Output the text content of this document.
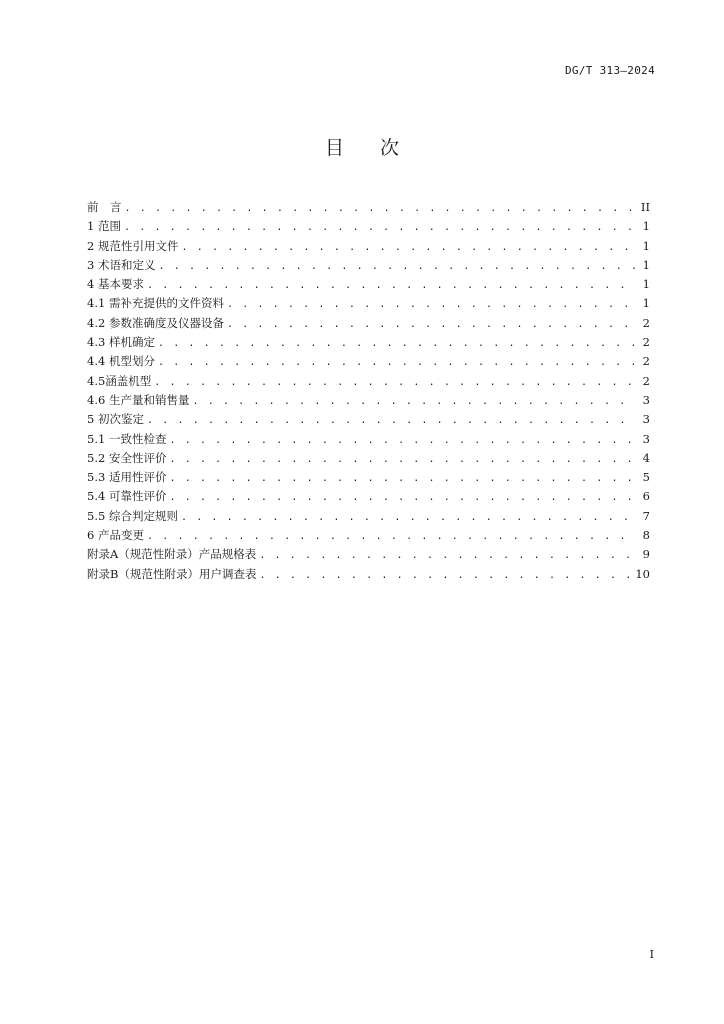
DG/T 313—2024
目 次
前　言 . . .	II
1 范围 . . .	1
2 规范性引用文件 . . .	1
3 术语和定义 . . .	1
4 基本要求 . . .	1
4.1 需补充提供的文件资料 . . .	1
4.2 参数准确度及仪器设备 . . .	2
4.3 样机确定 . . .	2
4.4 机型划分 . . .	2
4.5涵盖机型 . . .	2
4.6 生产量和销售量 . . .	3
5 初次鉴定 . . .	3
5.1 一致性检查 . . .	3
5.2 安全性评价 . . .	4
5.3 适用性评价 . . .	5
5.4 可靠性评价 . . .	6
5.5 综合判定规则 . . .	7
6 产品变更 . . .	8
附录A（规范性附录）产品规格表 . . .	9
附录B（规范性附录）用户调查表 . . .	10
I
